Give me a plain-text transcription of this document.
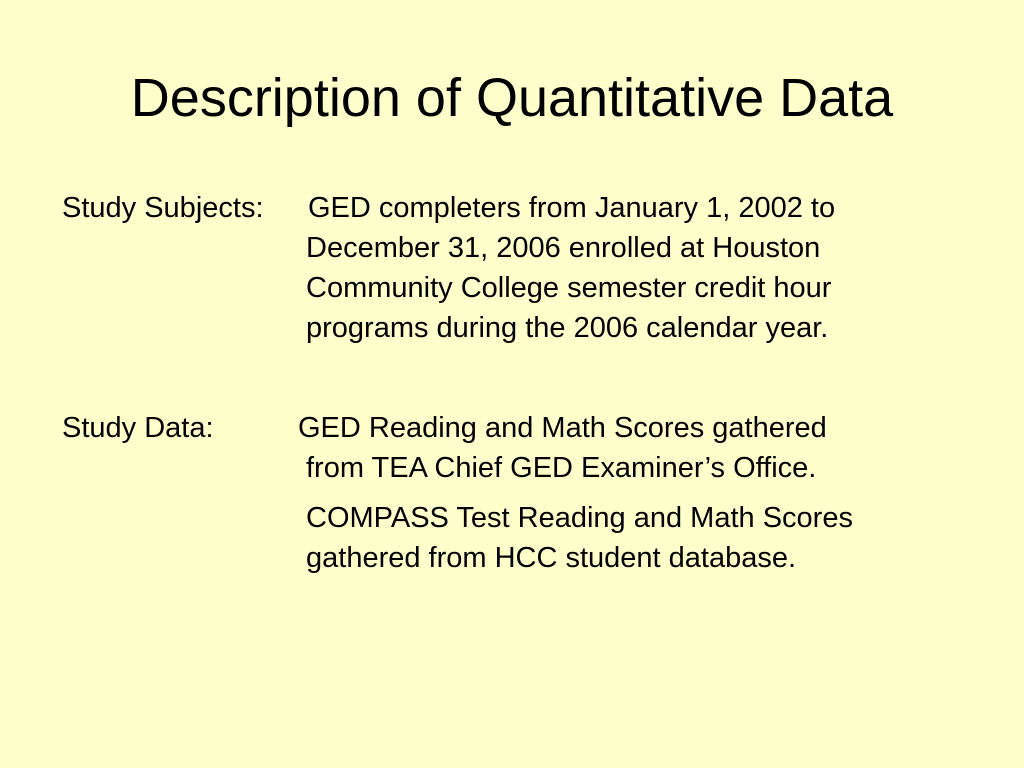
Description of Quantitative Data
Study Subjects: GED completers from January 1, 2002 to
December 31, 2006 enrolled at Houston
Community College semester credit hour
programs during the 2006 calendar year.
Study Data:	GED Reading and Math Scores gathered
from TEA Chief GED Examiner’s Office.
COMPASS Test Reading and Math Scores
gathered from HCC student database.
